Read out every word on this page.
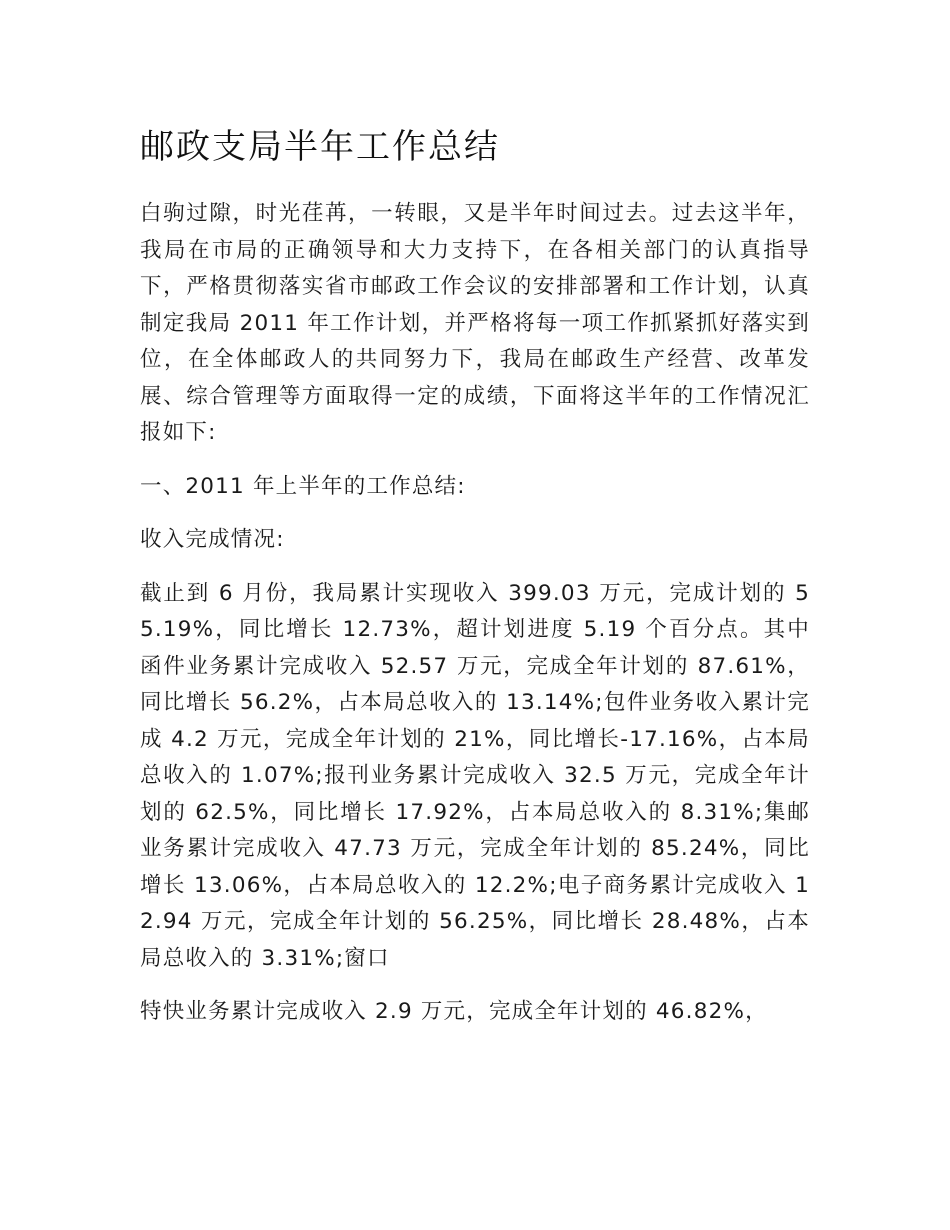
邮政支局半年工作总结

白驹过隙，时光荏苒，一转眼，又是半年时间过去。过去这半年，我局在市局的正确领导和大力支持下，在各相关部门的认真指导下，严格贯彻落实省市邮政工作会议的安排部署和工作计划，认真制定我局 2011 年工作计划，并严格将每一项工作抓紧抓好落实到位，在全体邮政人的共同努力下，我局在邮政生产经营、改革发展、综合管理等方面取得一定的成绩，下面将这半年的工作情况汇报如下:

一、2011 年上半年的工作总结:

收入完成情况:

截止到 6 月份，我局累计实现收入 399.03 万元，完成计划的 55.19%，同比增长 12.73%，超计划进度 5.19 个百分点。其中函件业务累计完成收入 52.57 万元，完成全年计划的 87.61%，同比增长 56.2%，占本局总收入的 13.14%;包件业务收入累计完成 4.2 万元，完成全年计划的 21%，同比增长-17.16%，占本局总收入的 1.07%;报刊业务累计完成收入 32.5 万元，完成全年计划的 62.5%，同比增长 17.92%，占本局总收入的 8.31%;集邮业务累计完成收入 47.73 万元，完成全年计划的 85.24%，同比增长 13.06%，占本局总收入的 12.2%;电子商务累计完成收入 12.94 万元，完成全年计划的 56.25%，同比增长 28.48%，占本局总收入的 3.31%;窗口

特快业务累计完成收入 2.9 万元，完成全年计划的 46.82%，
